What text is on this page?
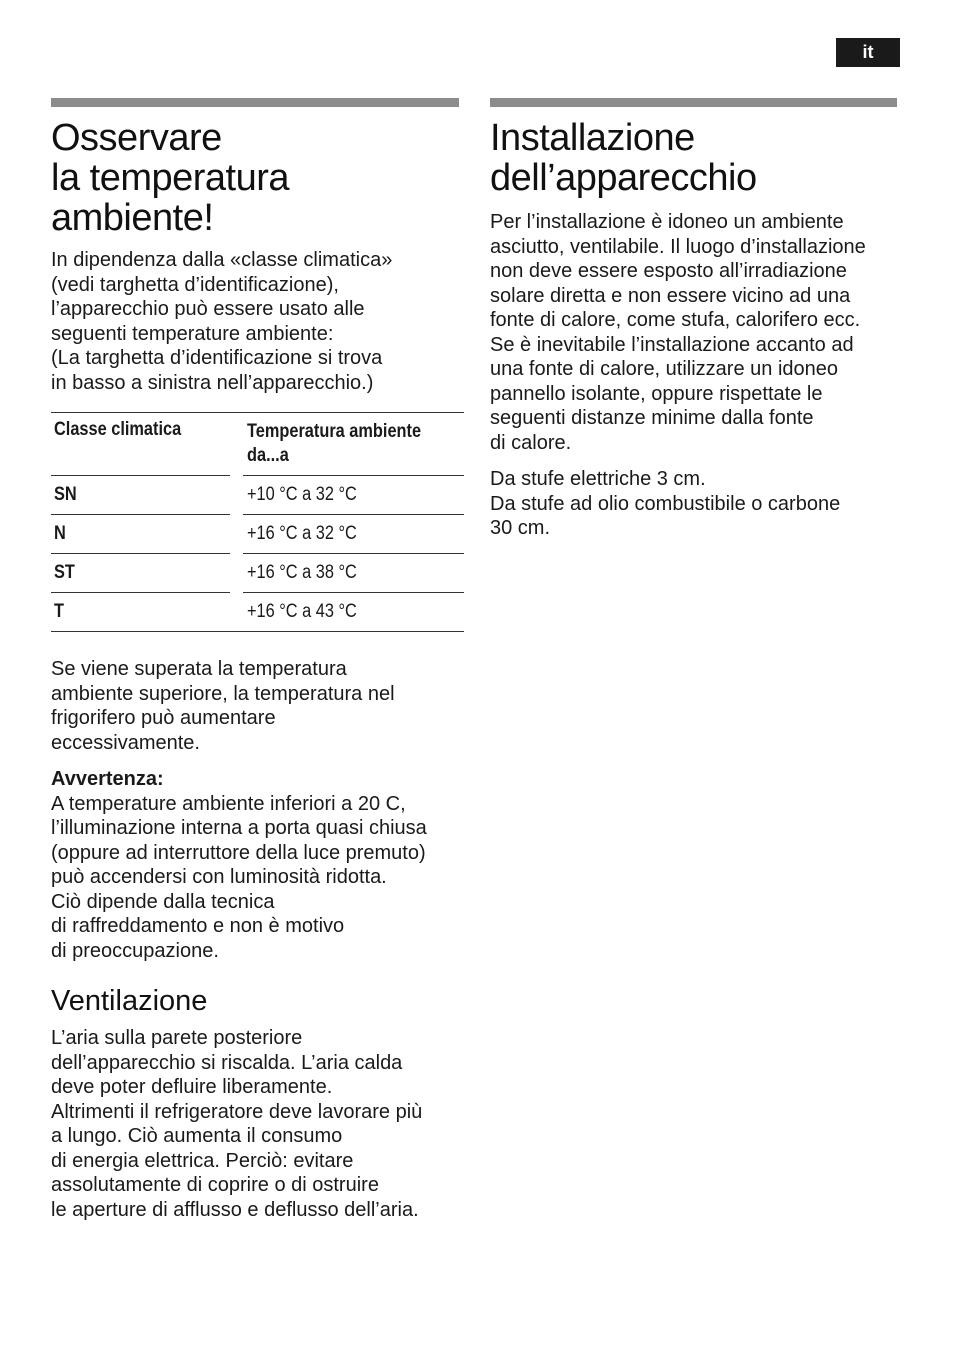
it
Osservare
la temperatura
ambiente!

In dipendenza dalla «classe climatica»
(vedi targhetta d’identificazione),
l’apparecchio può essere usato alle
seguenti temperature ambiente:
(La targhetta d’identificazione si trova
in basso a sinistra nell’apparecchio.)

Classe climatica	Temperatura ambiente
da...a
SN	+10 °C a 32 °C
N	+16 °C a 32 °C
ST	+16 °C a 38 °C
T	+16 °C a 43 °C

Se viene superata la temperatura
ambiente superiore, la temperatura nel
frigorifero può aumentare
eccessivamente.

Avvertenza:

A temperature ambiente inferiori a 20 C,
l’illuminazione interna a porta quasi chiusa
(oppure ad interruttore della luce premuto)
può accendersi con luminosità ridotta.
Ciò dipende dalla tecnica
di raffreddamento e non è motivo
di preoccupazione.

Ventilazione

L’aria sulla parete posteriore
dell’apparecchio si riscalda. L’aria calda
deve poter defluire liberamente.
Altrimenti il refrigeratore deve lavorare più
a lungo. Ciò aumenta il consumo
di energia elettrica. Perciò: evitare
assolutamente di coprire o di ostruire
le aperture di afflusso e deflusso dell’aria.

Installazione
dell’apparecchio

Per l’installazione è idoneo un ambiente
asciutto, ventilabile. Il luogo d’installazione
non deve essere esposto all’irradiazione
solare diretta e non essere vicino ad una
fonte di calore, come stufa, calorifero ecc.
Se è inevitabile l’installazione accanto ad
una fonte di calore, utilizzare un idoneo
pannello isolante, oppure rispettate le
seguenti distanze minime dalla fonte
di calore.

Da stufe elettriche 3 cm.
Da stufe ad olio combustibile o carbone
30 cm.
